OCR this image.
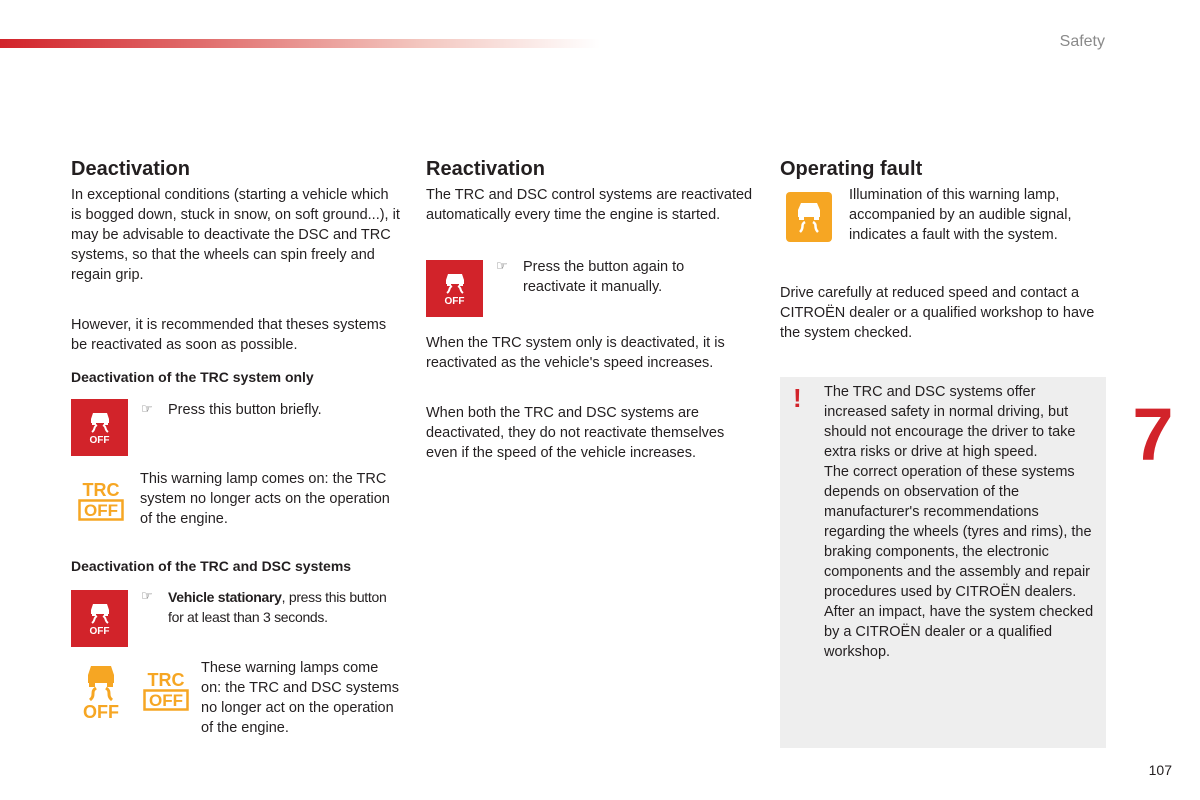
Safety
Deactivation

In exceptional conditions (starting a vehicle which is bogged down, stuck in snow, on soft ground...), it may be advisable to deactivate the DSC and TRC systems, so that the wheels can spin freely and regain grip.

However, it is recommended that theses systems be reactivated as soon as possible.

Deactivation of the TRC system only
OFF
☞ Press this button briefly.

TRC
OFF

This warning lamp comes on: the TRC system no longer acts on the operation of the engine.

Deactivation of the TRC and DSC systems
OFF
☞ Vehicle stationary, press this button for at least than 3 seconds.

OFF
TRC
OFF

These warning lamps come on: the TRC and DSC systems no longer act on the operation of the engine.

Reactivation

The TRC and DSC control systems are reactivated automatically every time the engine is started.

OFF
☞ Press the button again to reactivate it manually.

When the TRC system only is deactivated, it is reactivated as the vehicle's speed increases.

When both the TRC and DSC systems are deactivated, they do not reactivate themselves even if the speed of the vehicle increases.

Operating fault

Illumination of this warning lamp, accompanied by an audible signal, indicates a fault with the system.

Drive carefully at reduced speed and contact a CITROËN dealer or a qualified workshop to have the system checked.

! The TRC and DSC systems offer increased safety in normal driving, but should not encourage the driver to take extra risks or drive at high speed.
The correct operation of these systems depends on observation of the manufacturer's recommendations regarding the wheels (tyres and rims), the braking components, the electronic components and the assembly and repair procedures used by CITROËN dealers.
After an impact, have the system checked by a CITROËN dealer or a qualified workshop.
7
107
